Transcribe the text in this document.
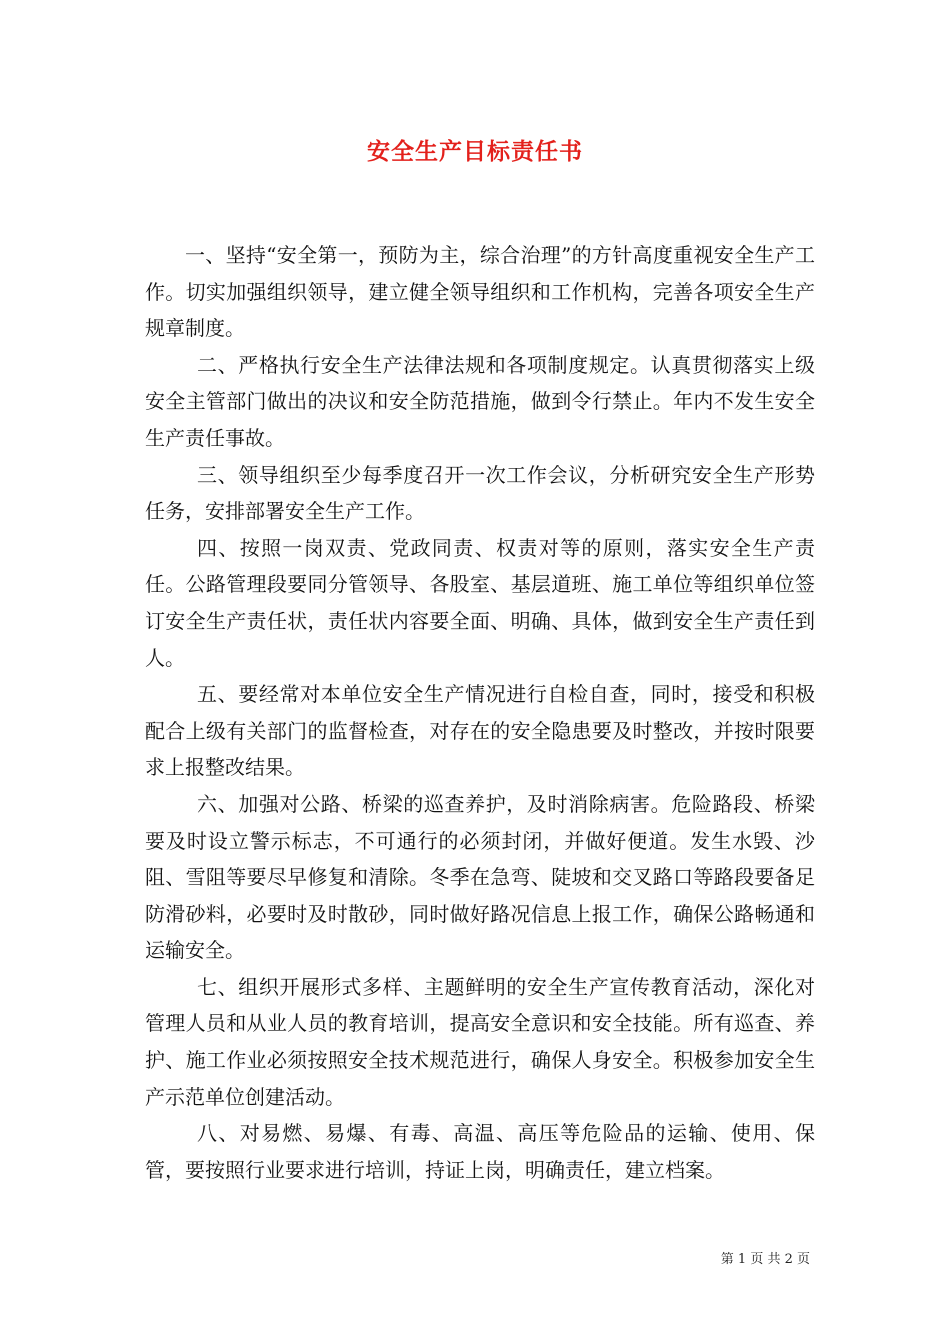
安全生产目标责任书

一、坚持“安全第一，预防为主，综合治理”的方针高度重视安全生产工作。切实加强组织领导，建立健全领导组织和工作机构，完善各项安全生产规章制度。

二、严格执行安全生产法律法规和各项制度规定。认真贯彻落实上级安全主管部门做出的决议和安全防范措施，做到令行禁止。年内不发生安全生产责任事故。

三、领导组织至少每季度召开一次工作会议，分析研究安全生产形势任务，安排部署安全生产工作。

四、按照一岗双责、党政同责、权责对等的原则，落实安全生产责任。公路管理段要同分管领导、各股室、基层道班、施工单位等组织单位签订安全生产责任状，责任状内容要全面、明确、具体，做到安全生产责任到人。

五、要经常对本单位安全生产情况进行自检自查，同时，接受和积极配合上级有关部门的监督检查，对存在的安全隐患要及时整改，并按时限要求上报整改结果。

六、加强对公路、桥梁的巡查养护，及时消除病害。危险路段、桥梁要及时设立警示标志，不可通行的必须封闭，并做好便道。发生水毁、沙阻、雪阻等要尽早修复和清除。冬季在急弯、陡坡和交叉路口等路段要备足防滑砂料，必要时及时散砂，同时做好路况信息上报工作，确保公路畅通和运输安全。

七、组织开展形式多样、主题鲜明的安全生产宣传教育活动，深化对管理人员和从业人员的教育培训，提高安全意识和安全技能。所有巡查、养护、施工作业必须按照安全技术规范进行，确保人身安全。积极参加安全生产示范单位创建活动。

八、对易燃、易爆、有毒、高温、高压等危险品的运输、使用、保管，要按照行业要求进行培训，持证上岗，明确责任，建立档案。

第 1 页 共 2 页
